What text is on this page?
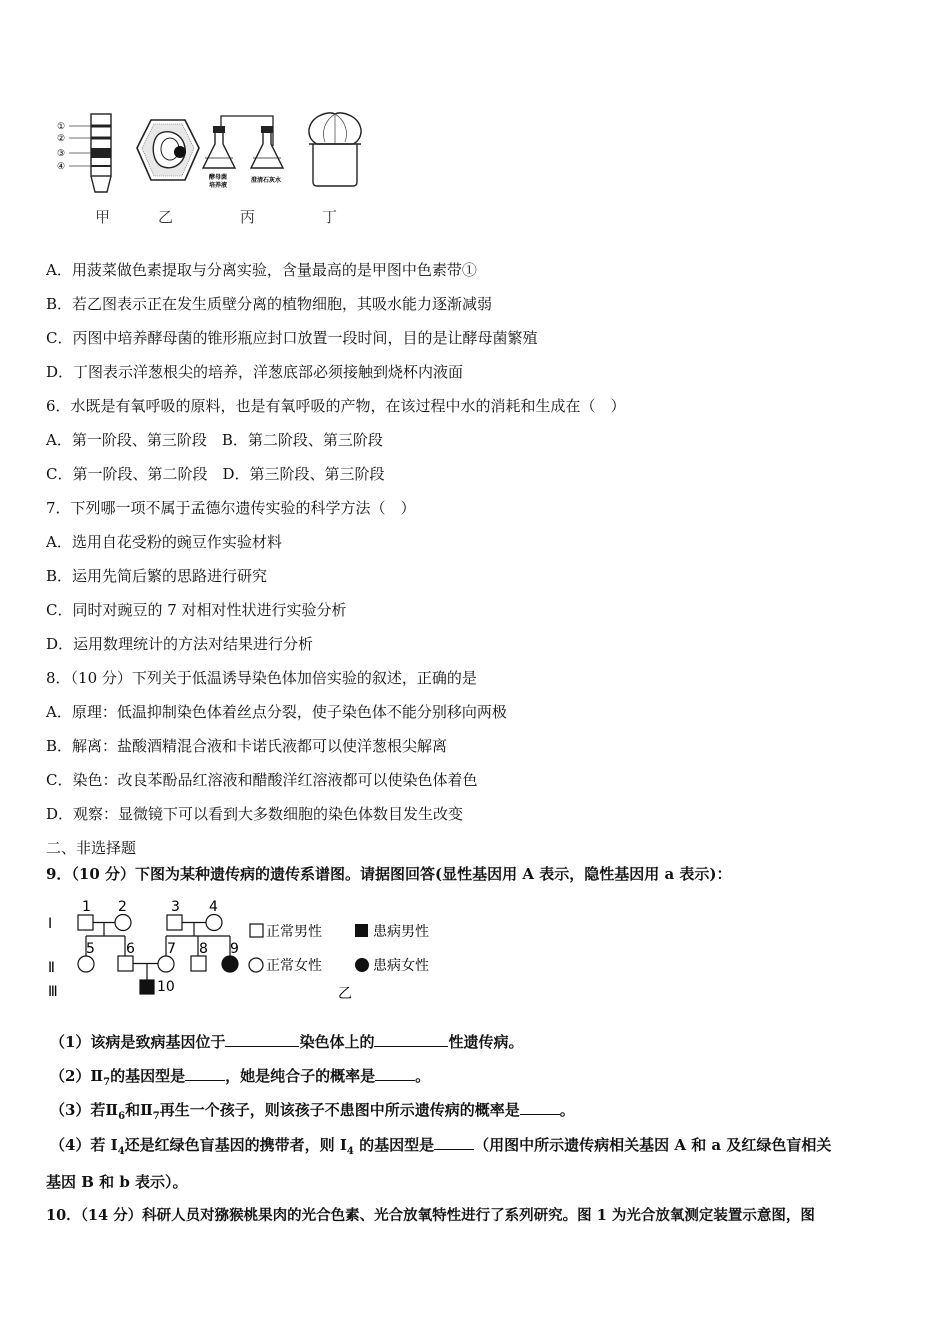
①
②
③
④
酵母菌
培养液
澄清石灰水
甲	乙	丙	丁
A．用菠菜做色素提取与分离实验，含量最高的是甲图中色素带①
B．若乙图表示正在发生质壁分离的植物细胞，其吸水能力逐渐减弱
C．丙图中培养酵母菌的锥形瓶应封口放置一段时间，目的是让酵母菌繁殖
D．丁图表示洋葱根尖的培养，洋葱底部必须接触到烧杯内液面
6．水既是有氧呼吸的原料，也是有氧呼吸的产物，在该过程中水的消耗和生成在（　）
A．第一阶段、第三阶段　B．第二阶段、第三阶段
C．第一阶段、第二阶段　D．第三阶段、第三阶段
7．下列哪一项不属于孟德尔遗传实验的科学方法（　）
A．选用自花受粉的豌豆作实验材料
B．运用先简后繁的思路进行研究
C．同时对豌豆的 7 对相对性状进行实验分析
D．运用数理统计的方法对结果进行分析
8．（10 分）下列关于低温诱导染色体加倍实验的叙述，正确的是
A．原理：低温抑制染色体着丝点分裂，使子染色体不能分别移向两极
B．解离：盐酸酒精混合液和卡诺氏液都可以使洋葱根尖解离
C．染色：改良苯酚品红溶液和醋酸洋红溶液都可以使染色体着色
D．观察：显微镜下可以看到大多数细胞的染色体数目发生改变
二、非选择题
9．（10 分）下图为某种遗传病的遗传系谱图。请据图回答(显性基因用 A 表示，隐性基因用 a 表示)：
Ⅰ
Ⅱ
Ⅲ
1 2	3 4
5 6 7 8 9
10
正常男性	患病男性
正常女性	患病女性
乙
（1）该病是致病基因位于	染色体上的	性遗传病。
$(2)Ⅱ_7$的基因型是	，她是纯合子的概率是	。
（3）若$Ⅱ_6$和$Ⅱ_7$再生一个孩子，则该孩子不患图中所示遗传病的概率是	。
（4）若 $I_4$还是红绿色盲基因的携带者，则 $I_4$ 的基因型是	（用图中所示遗传病相关基因 A 和 a 及红绿色盲相关
基因 B 和 b 表示）。
10．（14 分）科研人员对猕猴桃果肉的光合色素、光合放氧特性进行了系列研究。图 1 为光合放氧测定装置示意图，图
